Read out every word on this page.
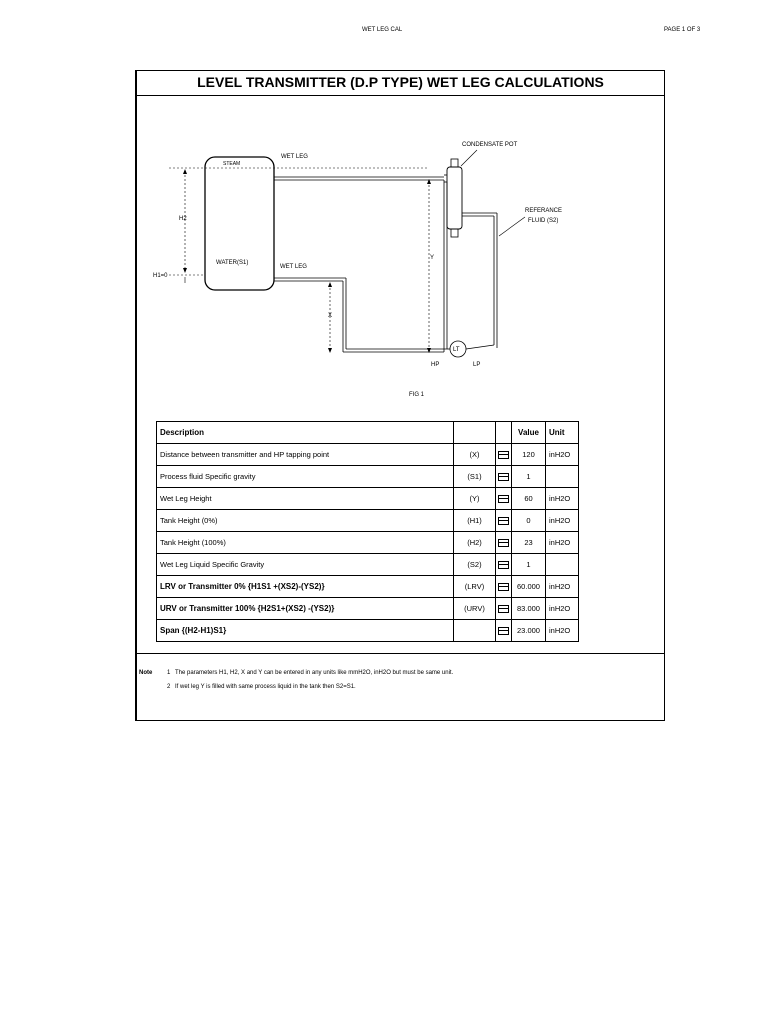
WET LEG CAL	PAGE 1 OF 3
LEVEL TRANSMITTER (D.P TYPE) WET LEG CALCULATIONS
STEAM
WATER(S1)
H2
H1=0
WET LEG
CONDENSATE POT
REFERANCE
FLUID (S2)
Y
WET LEG
X
LT
HP	LP
FIG 1
Description			Value	Unit
Distance between transmitter and HP tapping point	(X)		120	inH2O
Process fluid Specific gravity	(S1)		1	
Wet Leg Height	(Y)		60	inH2O
Tank Height (0%)	(H1)		0	inH2O
Tank Height (100%)	(H2)		23	inH2O
Wet Leg Liquid Specific Gravity	(S2)		1	
LRV or Transmitter 0% {H1S1 +(XS2)-(YS2)}	(LRV)		60.000	inH2O
URV or Transmitter 100% {H2S1+(XS2) -(YS2)}	(URV)		83.000	inH2O
Span {(H2-H1)S1}			23.000	inH2O
Note 1 The parameters H1, H2, X and Y can be entered in any units like mmH2O, inH2O but must be same unit.
2 If wet leg Y is filled with same process liquid in the tank then S2=S1.
